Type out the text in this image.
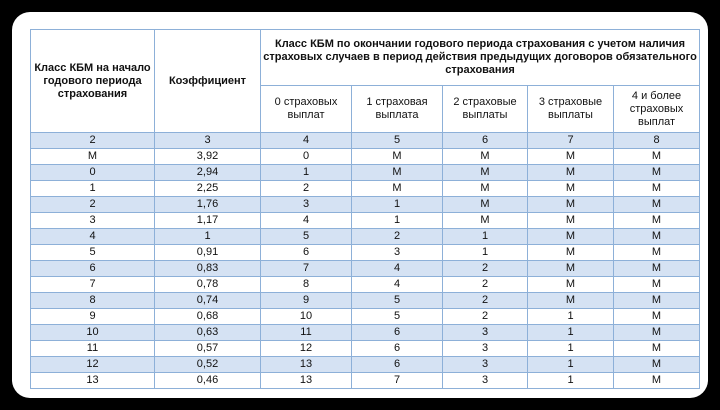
Класс КБМ на начало годового периода страхования	Коэффициент	Класс КБМ по окончании годового периода страхования с учетом наличия страховых случаев в период действия предыдущих договоров обязательного страхования				
		0 страховых выплат	1 страховая выплата	2 страховые выплаты	3 страховые выплаты	4 и более страховых выплат
2	3	4	5	6	7	8
М	3,92	0	М	М	М	М
0	2,94	1	М	М	М	М
1	2,25	2	М	М	М	М
2	1,76	3	1	М	М	М
3	1,17	4	1	М	М	М
4	1	5	2	1	М	М
5	0,91	6	3	1	М	М
6	0,83	7	4	2	М	М
7	0,78	8	4	2	М	М
8	0,74	9	5	2	М	М
9	0,68	10	5	2	1	М
10	0,63	11	6	3	1	М
11	0,57	12	6	3	1	М
12	0,52	13	6	3	1	М
13	0,46	13	7	3	1	М
